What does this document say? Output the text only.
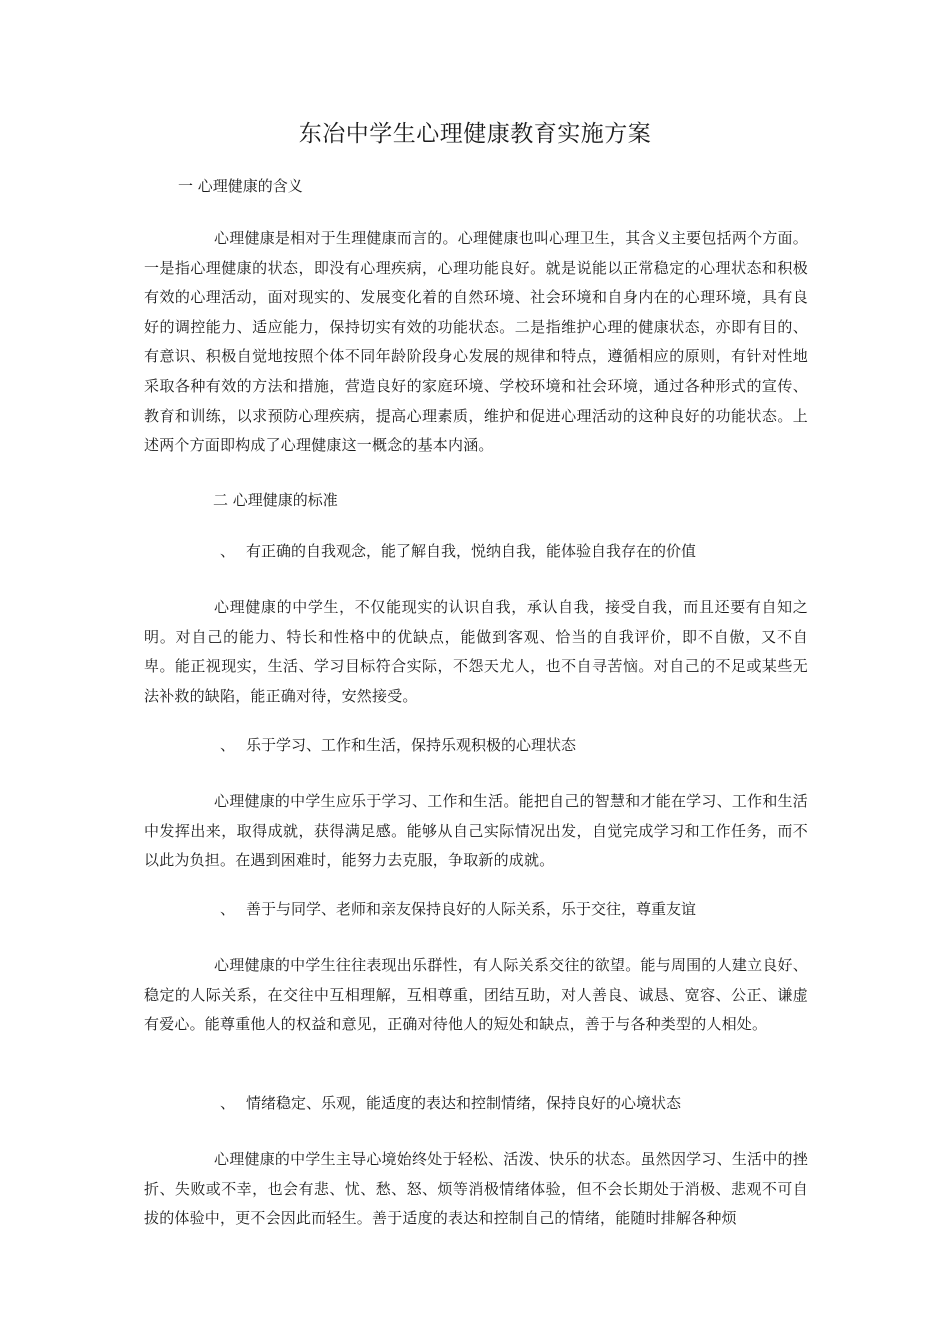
东冶中学生心理健康教育实施方案
一 心理健康的含义
心理健康是相对于生理健康而言的。心理健康也叫心理卫生，其含义主要包括两个方面。一是指心理健康的状态，即没有心理疾病，心理功能良好。就是说能以正常稳定的心理状态和积极有效的心理活动，面对现实的、发展变化着的自然环境、社会环境和自身内在的心理环境，具有良好的调控能力、适应能力，保持切实有效的功能状态。二是指维护心理的健康状态，亦即有目的、有意识、积极自觉地按照个体不同年龄阶段身心发展的规律和特点，遵循相应的原则，有针对性地采取各种有效的方法和措施，营造良好的家庭环境、学校环境和社会环境，通过各种形式的宣传、教育和训练，以求预防心理疾病，提高心理素质，维护和促进心理活动的这种良好的功能状态。上述两个方面即构成了心理健康这一概念的基本内涵。
二 心理健康的标准
、 有正确的自我观念，能了解自我，悦纳自我，能体验自我存在的价值
心理健康的中学生，不仅能现实的认识自我，承认自我，接受自我，而且还要有自知之明。对自己的能力、特长和性格中的优缺点，能做到客观、恰当的自我评价，即不自傲，又不自卑。能正视现实，生活、学习目标符合实际，不怨天尤人，也不自寻苦恼。对自己的不足或某些无法补救的缺陷，能正确对待，安然接受。
、 乐于学习、工作和生活，保持乐观积极的心理状态
心理健康的中学生应乐于学习、工作和生活。能把自己的智慧和才能在学习、工作和生活中发挥出来，取得成就，获得满足感。能够从自己实际情况出发，自觉完成学习和工作任务，而不以此为负担。在遇到困难时，能努力去克服，争取新的成就。
、 善于与同学、老师和亲友保持良好的人际关系，乐于交往，尊重友谊
心理健康的中学生往往表现出乐群性，有人际关系交往的欲望。能与周围的人建立良好、稳定的人际关系，在交往中互相理解，互相尊重，团结互助，对人善良、诚恳、宽容、公正、谦虚有爱心。能尊重他人的权益和意见，正确对待他人的短处和缺点，善于与各种类型的人相处。
、 情绪稳定、乐观，能适度的表达和控制情绪，保持良好的心境状态
心理健康的中学生主导心境始终处于轻松、活泼、快乐的状态。虽然因学习、生活中的挫折、失败或不幸，也会有悲、忧、愁、怒、烦等消极情绪体验，但不会长期处于消极、悲观不可自拔的体验中，更不会因此而轻生。善于适度的表达和控制自己的情绪，能随时排解各种烦
